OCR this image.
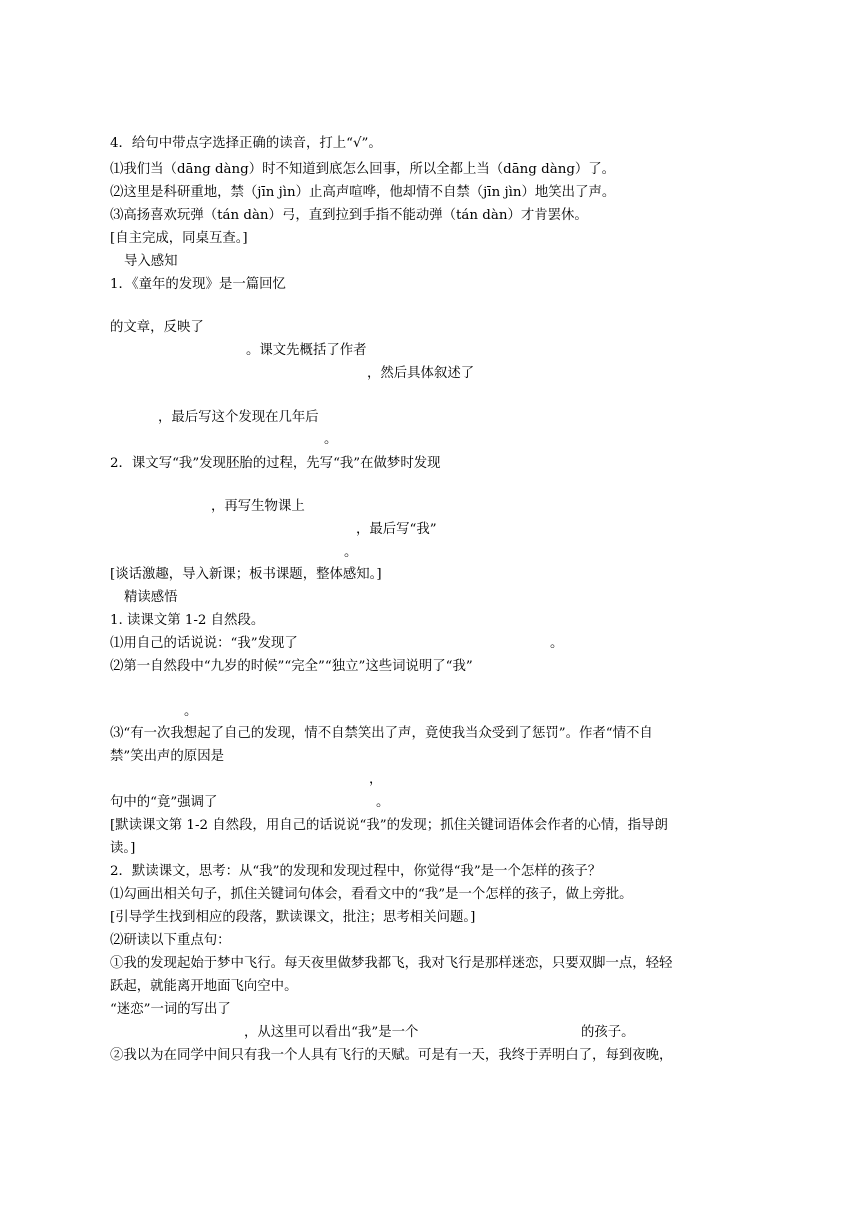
4．给句中带点字选择正确的读音，打上“√”。
⑴我们当（dāng dàng）时不知道到底怎么回事，所以全都上当（dāng dàng）了。
⑵这里是科研重地，禁（jīn jìn）止高声喧哗，他却情不自禁（jīn jìn）地笑出了声。
⑶高扬喜欢玩弹（tán dàn）弓，直到拉到手指不能动弹（tán dàn）才肯罢休。
[自主完成，同桌互查。]
导入感知
1．《童年的发现》是一篇回忆
的文章，反映了
。课文先概括了作者
，然后具体叙述了
，最后写这个发现在几年后
。
2．课文写“我”发现胚胎的过程，先写“我”在做梦时发现
，再写生物课上
，最后写“我”
。
[谈话激趣，导入新课；板书课题，整体感知。]
精读感悟
1. 读课文第 1-2 自然段。
⑴用自己的话说说：“我”发现了	。
⑵第一自然段中“九岁的时候”“完全”“独立”这些词说明了“我”
。
⑶“有一次我想起了自己的发现，情不自禁笑出了声，竟使我当众受到了惩罚”。作者“情不自
禁”笑出声的原因是
，
句中的“竟”强调了	。
[默读课文第 1-2 自然段，用自己的话说说“我”的发现；抓住关键词语体会作者的心情，指导朗
读。]
2．默读课文，思考：从“我”的发现和发现过程中，你觉得“我”是一个怎样的孩子？
⑴勾画出相关句子，抓住关键词句体会，看看文中的“我”是一个怎样的孩子，做上旁批。
[引导学生找到相应的段落，默读课文，批注；思考相关问题。]
⑵研读以下重点句：
①我的发现起始于梦中飞行。每天夜里做梦我都飞，我对飞行是那样迷恋，只要双脚一点，轻轻
跃起，就能离开地面飞向空中。
“迷恋”一词的写出了
，从这里可以看出“我”是一个	的孩子。
②我以为在同学中间只有我一个人具有飞行的天赋。可是有一天，我终于弄明白了，每到夜晚，
